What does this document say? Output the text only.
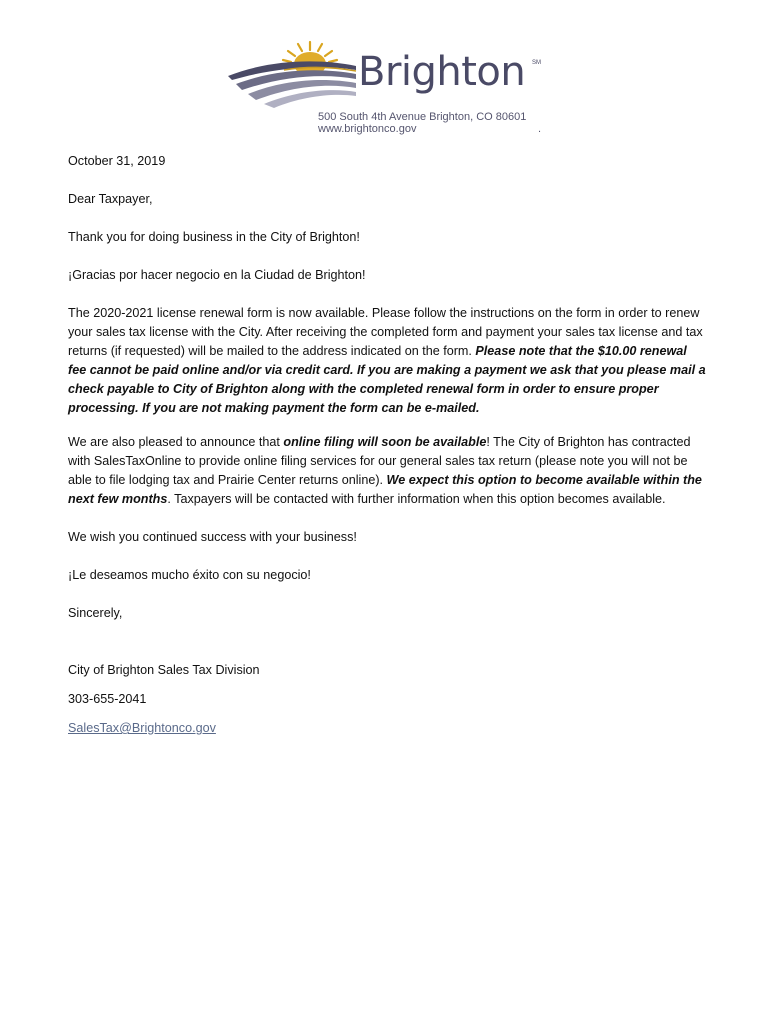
Brighton SM
500 South 4th Avenue Brighton, CO 80601
www.brightonco.gov	.

October 31, 2019

Dear Taxpayer,

Thank you for doing business in the City of Brighton!

¡Gracias por hacer negocio en la Ciudad de Brighton!

The 2020-2021 license renewal form is now available. Please follow the instructions on the form in order to renew your sales tax license with the City. After receiving the completed form and payment your sales tax license and tax returns (if requested) will be mailed to the address indicated on the form. Please note that the $10.00 renewal fee cannot be paid online and/or via credit card. If you are making a payment we ask that you please mail a check payable to City of Brighton along with the completed renewal form in order to ensure proper processing. If you are not making payment the form can be e-mailed.

We are also pleased to announce that online filing will soon be available! The City of Brighton has contracted with SalesTaxOnline to provide online filing services for our general sales tax return (please note you will not be able to file lodging tax and Prairie Center returns online). We expect this option to become available within the next few months. Taxpayers will be contacted with further information when this option becomes available.

We wish you continued success with your business!

¡Le deseamos mucho éxito con su negocio!

Sincerely,

City of Brighton Sales Tax Division

303-655-2041

SalesTax@Brightonco.gov
